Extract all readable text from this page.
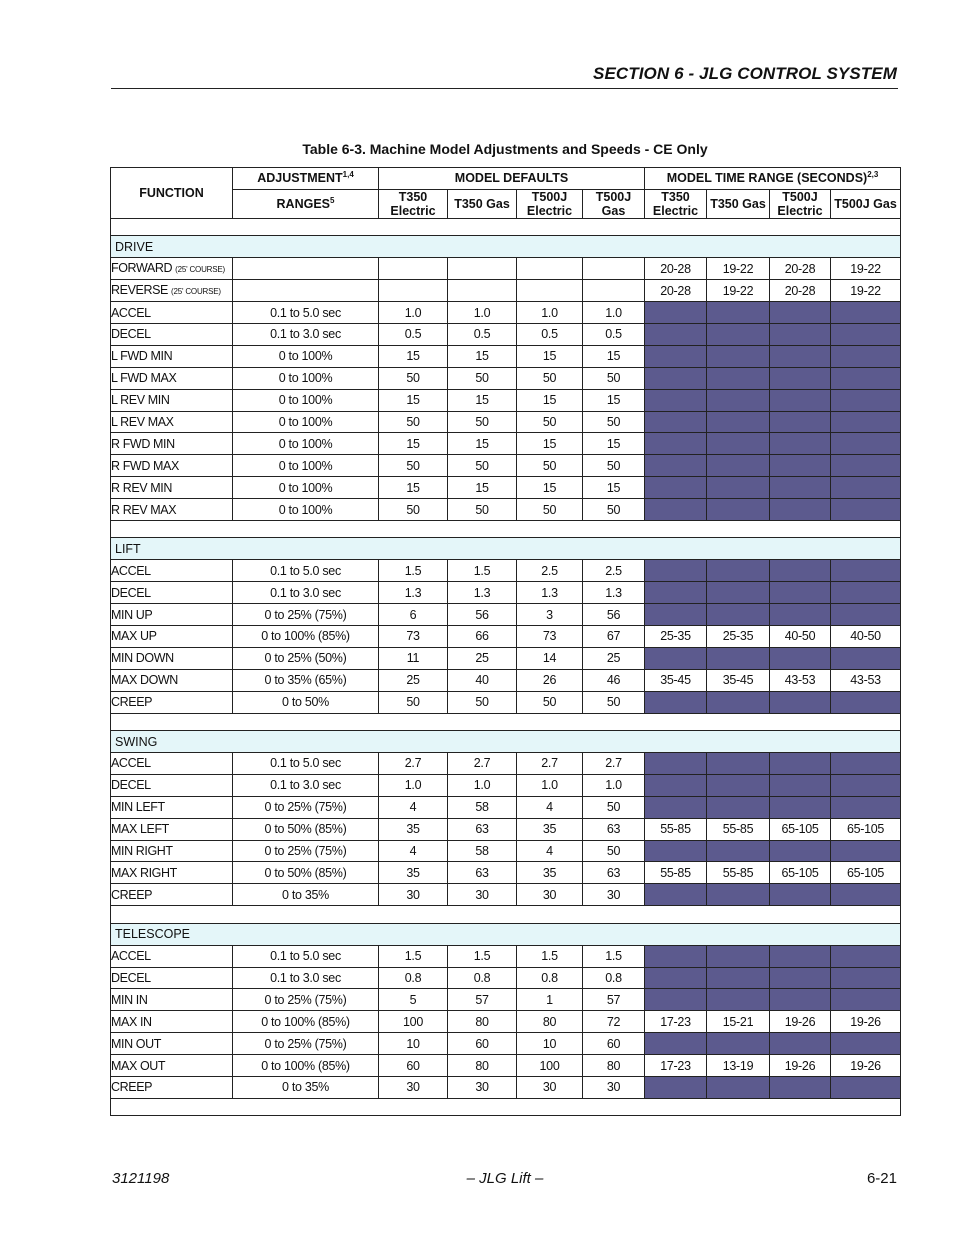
SECTION 6 - JLG CONTROL SYSTEM
Table 6-3. Machine Model Adjustments and Speeds - CE Only
FUNCTION	ADJUSTMENT$^{1,4}$	MODEL DEFAULTS				MODEL TIME RANGE (SECONDS)$^{2,3}$
	RANGES$^5$	T350 Electric	T350 Gas	T500J Electric	T500J Gas	T350 Electric	T350 Gas	T500J Electric	T500J Gas

DRIVE									
FORWARD (25' COURSE)						20-28	19-22	20-28	19-22
REVERSE (25' COURSE)						20-28	19-22	20-28	19-22
ACCEL	0.1 to 5.0 sec	1.0	1.0	1.0	1.0				
DECEL	0.1 to 3.0 sec	0.5	0.5	0.5	0.5				
L FWD MIN	0 to 100%	15	15	15	15				
L FWD MAX	0 to 100%	50	50	50	50				
L REV MIN	0 to 100%	15	15	15	15				
L REV MAX	0 to 100%	50	50	50	50				
R FWD MIN	0 to 100%	15	15	15	15				
R FWD MAX	0 to 100%	50	50	50	50				
R REV MIN	0 to 100%	15	15	15	15				
R REV MAX	0 to 100%	50	50	50	50				

LIFT									
ACCEL	0.1 to 5.0 sec	1.5	1.5	2.5	2.5				
DECEL	0.1 to 3.0 sec	1.3	1.3	1.3	1.3				
MIN UP	0 to 25% (75%)	6	56	3	56				
MAX UP	0 to 100% (85%)	73	66	73	67	25-35	25-35	40-50	40-50
MIN DOWN	0 to 25% (50%)	11	25	14	25				
MAX DOWN	0 to 35% (65%)	25	40	26	46	35-45	35-45	43-53	43-53
CREEP	0 to 50%	50	50	50	50				

SWING									
ACCEL	0.1 to 5.0 sec	2.7	2.7	2.7	2.7				
DECEL	0.1 to 3.0 sec	1.0	1.0	1.0	1.0				
MIN LEFT	0 to 25% (75%)	4	58	4	50				
MAX LEFT	0 to 50% (85%)	35	63	35	63	55-85	55-85	65-105	65-105
MIN RIGHT	0 to 25% (75%)	4	58	4	50				
MAX RIGHT	0 to 50% (85%)	35	63	35	63	55-85	55-85	65-105	65-105
CREEP	0 to 35%	30	30	30	30				

TELESCOPE									
ACCEL	0.1 to 5.0 sec	1.5	1.5	1.5	1.5				
DECEL	0.1 to 3.0 sec	0.8	0.8	0.8	0.8				
MIN IN	0 to 25% (75%)	5	57	1	57				
MAX IN	0 to 100% (85%)	100	80	80	72	17-23	15-21	19-26	19-26
MIN OUT	0 to 25% (75%)	10	60	10	60				
MAX OUT	0 to 100% (85%)	60	80	100	80	17-23	13-19	19-26	19-26
CREEP	0 to 35%	30	30	30	30				

3121198	– JLG Lift –	6-21
